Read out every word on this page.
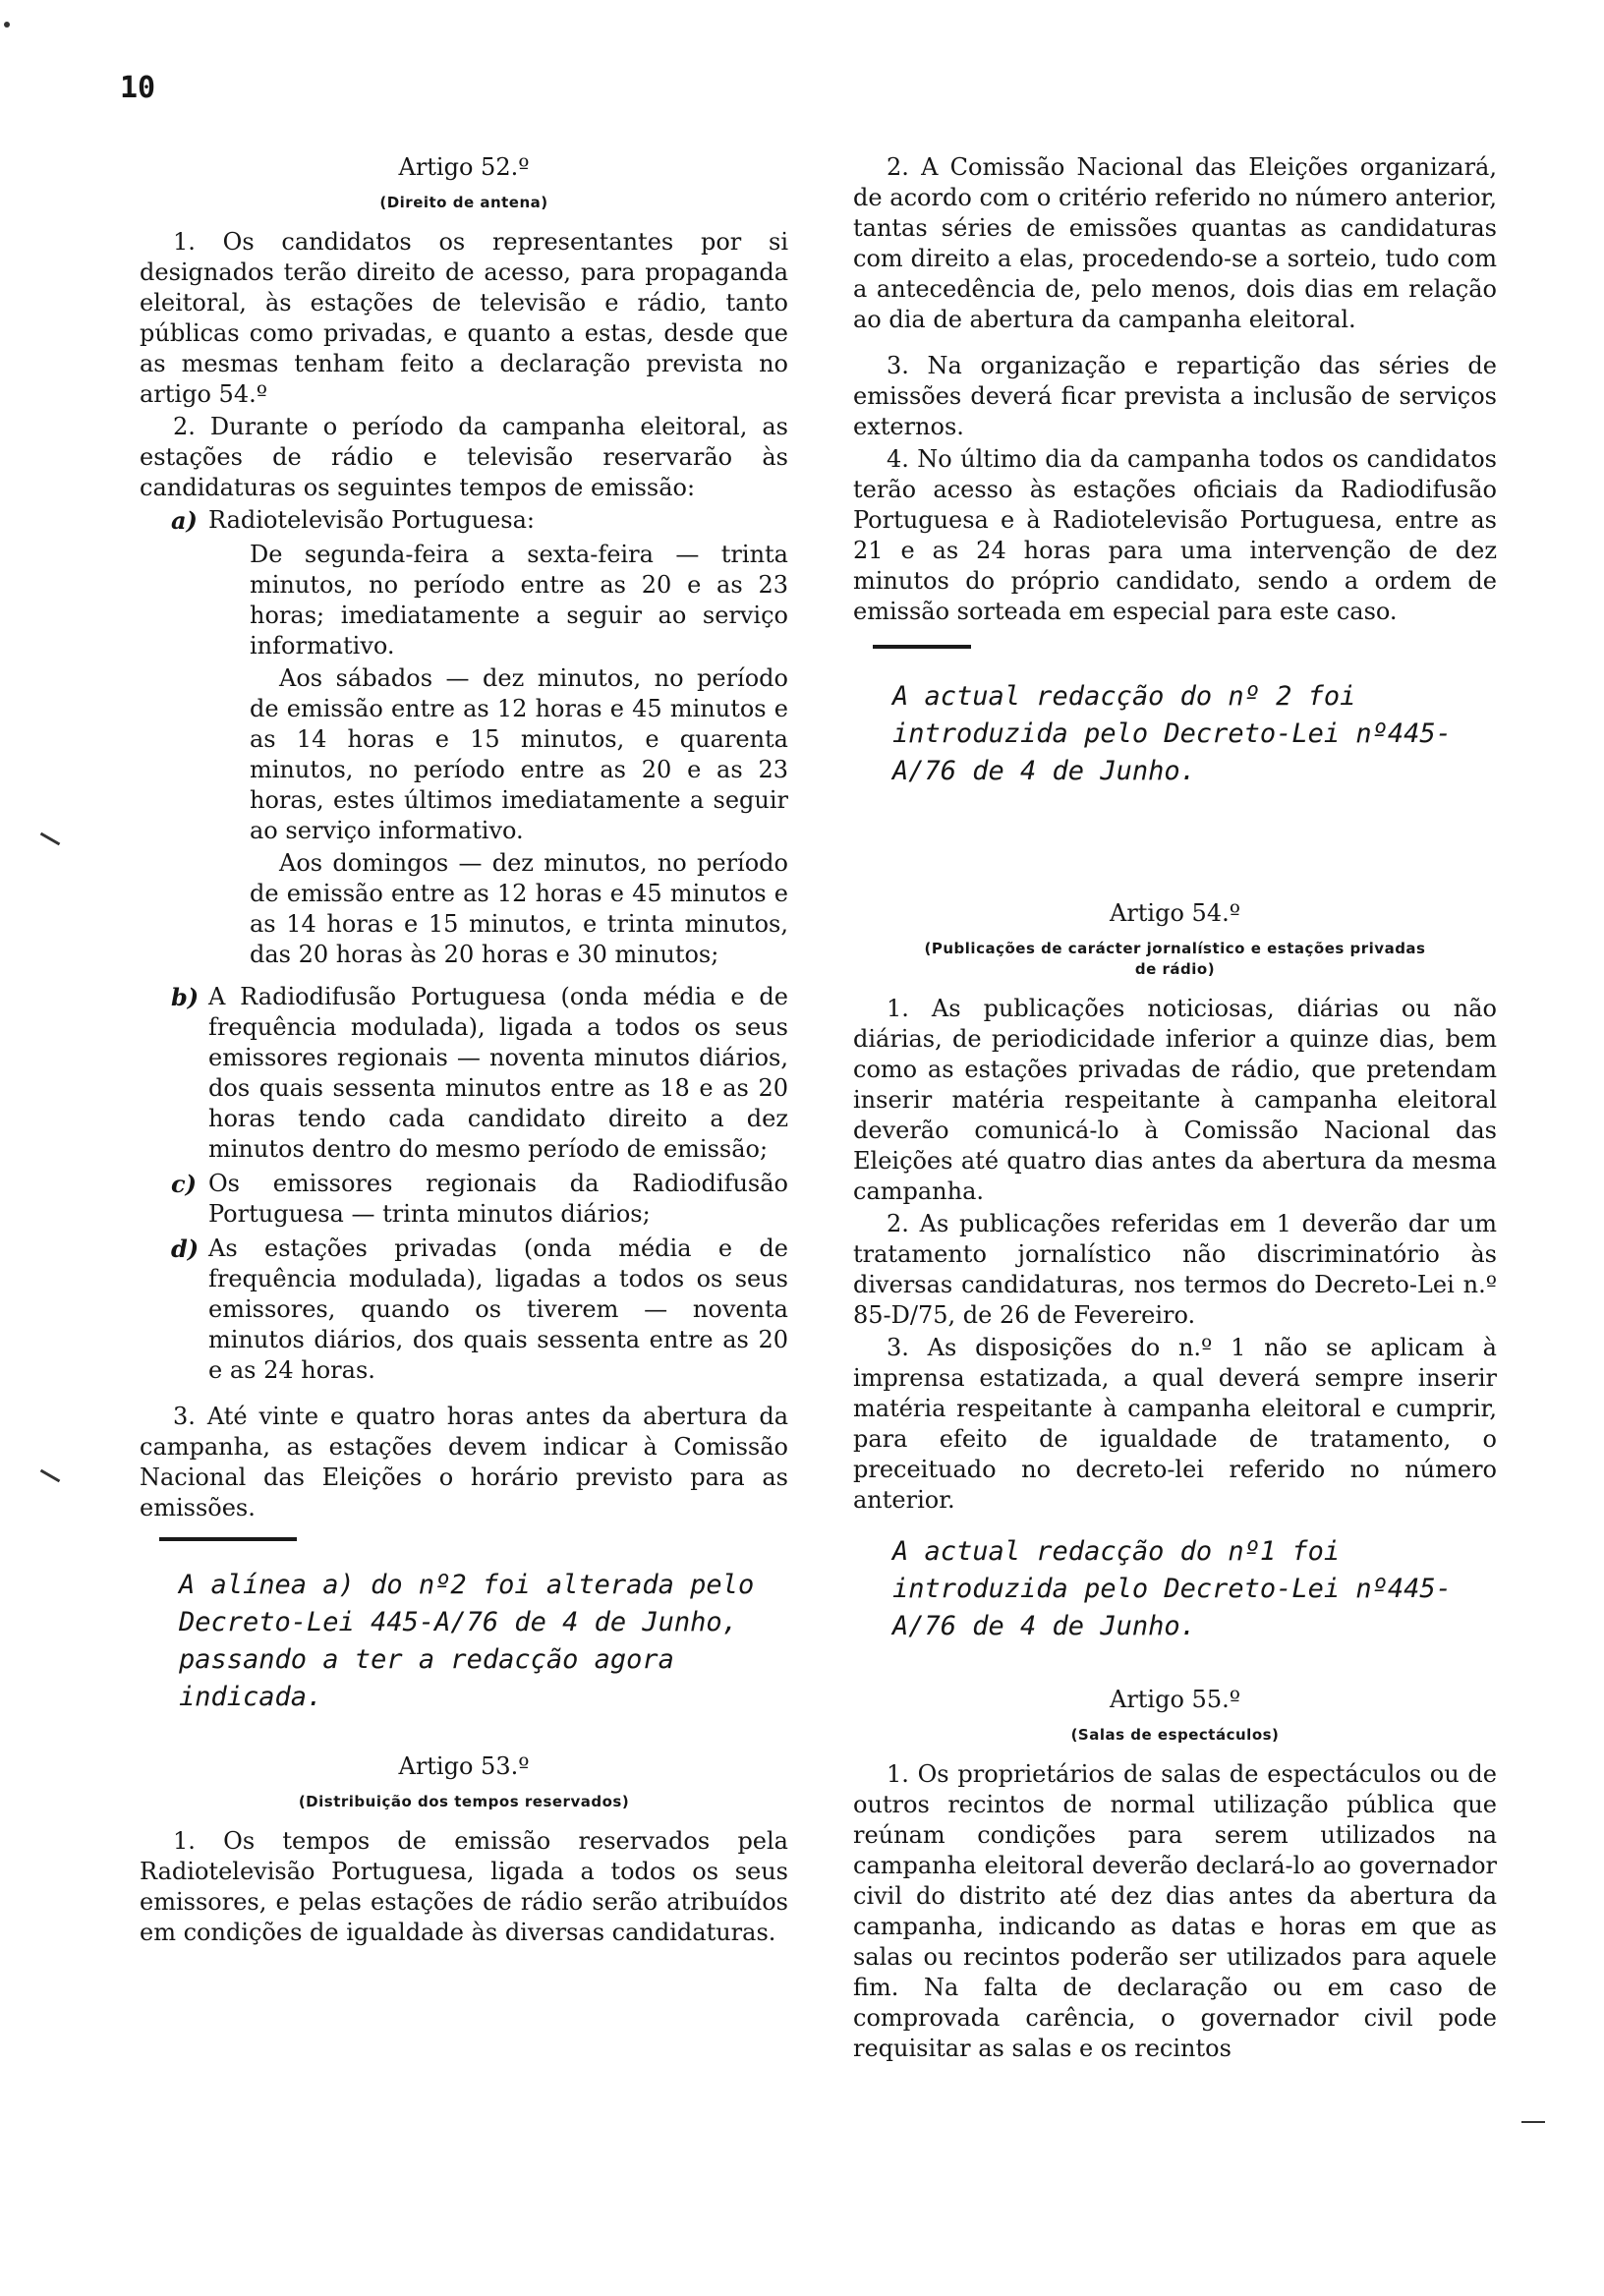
10
Artigo 52.º
(Direito de antena)
1. Os candidatos os representantes por si designados terão direito de acesso, para propaganda eleitoral, às estações de televisão e rádio, tanto públicas como privadas, e quanto a estas, desde que as mesmas tenham feito a declaração prevista no artigo 54.º
2. Durante o período da campanha eleitoral, as estações de rádio e televisão reservarão às candidaturas os seguintes tempos de emissão:
a) Radiotelevisão Portuguesa:
De segunda-feira a sexta-feira — trinta minutos, no período entre as 20 e as 23 horas; imediatamente a seguir ao serviço informativo.
Aos sábados — dez minutos, no período de emissão entre as 12 horas e 45 minutos e as 14 horas e 15 minutos, e quarenta minutos, no período entre as 20 e as 23 horas, estes últimos imediatamente a seguir ao serviço informativo.
Aos domingos — dez minutos, no período de emissão entre as 12 horas e 45 minutos e as 14 horas e 15 minutos, e trinta minutos, das 20 horas às 20 horas e 30 minutos;
b) A Radiodifusão Portuguesa (onda média e de frequência modulada), ligada a todos os seus emissores regionais — noventa minutos diários, dos quais sessenta minutos entre as 18 e as 20 horas tendo cada candidato direito a dez minutos dentro do mesmo período de emissão;
c) Os emissores regionais da Radiodifusão Portuguesa — trinta minutos diários;
d) As estações privadas (onda média e de frequência modulada), ligadas a todos os seus emissores, quando os tiverem — noventa minutos diários, dos quais sessenta entre as 20 e as 24 horas.
3. Até vinte e quatro horas antes da abertura da campanha, as estações devem indicar à Comissão Nacional das Eleições o horário previsto para as emissões.
A alínea a) do nº2 foi alterada pelo Decreto-Lei 445-A/76 de 4 de Junho, passando a ter a redacção agora indicada.
Artigo 53.º
(Distribuição dos tempos reservados)
1. Os tempos de emissão reservados pela Radiotelevisão Portuguesa, ligada a todos os seus emissores, e pelas estações de rádio serão atribuídos em condições de igualdade às diversas candidaturas.
2. A Comissão Nacional das Eleições organizará, de acordo com o critério referido no número anterior, tantas séries de emissões quantas as candidaturas com direito a elas, procedendo-se a sorteio, tudo com a antecedência de, pelo menos, dois dias em relação ao dia de abertura da campanha eleitoral.
3. Na organização e repartição das séries de emissões deverá ficar prevista a inclusão de serviços externos.
4. No último dia da campanha todos os candidatos terão acesso às estações oficiais da Radiodifusão Portuguesa e à Radiotelevisão Portuguesa, entre as 21 e as 24 horas para uma intervenção de dez minutos do próprio candidato, sendo a ordem de emissão sorteada em especial para este caso.
A actual redacção do nº 2 foi introduzida pelo Decreto-Lei nº445-A/76 de 4 de Junho.
Artigo 54.º
(Publicações de carácter jornalístico e estações privadas de rádio)
1. As publicações noticiosas, diárias ou não diárias, de periodicidade inferior a quinze dias, bem como as estações privadas de rádio, que pretendam inserir matéria respeitante à campanha eleitoral deverão comunicá-lo à Comissão Nacional das Eleições até quatro dias antes da abertura da mesma campanha.
2. As publicações referidas em 1 deverão dar um tratamento jornalístico não discriminatório às diversas candidaturas, nos termos do Decreto-Lei n.º 85-D/75, de 26 de Fevereiro.
3. As disposições do n.º 1 não se aplicam à imprensa estatizada, a qual deverá sempre inserir matéria respeitante à campanha eleitoral e cumprir, para efeito de igualdade de tratamento, o preceituado no decreto-lei referido no número anterior.
A actual redacção do nº1 foi introduzida pelo Decreto-Lei nº445-A/76 de 4 de Junho.
Artigo 55.º
(Salas de espectáculos)
1. Os proprietários de salas de espectáculos ou de outros recintos de normal utilização pública que reúnam condições para serem utilizados na campanha eleitoral deverão declará-lo ao governador civil do distrito até dez dias antes da abertura da campanha, indicando as datas e horas em que as salas ou recintos poderão ser utilizados para aquele fim. Na falta de declaração ou em caso de comprovada carência, o governador civil pode requisitar as salas e os recintos
